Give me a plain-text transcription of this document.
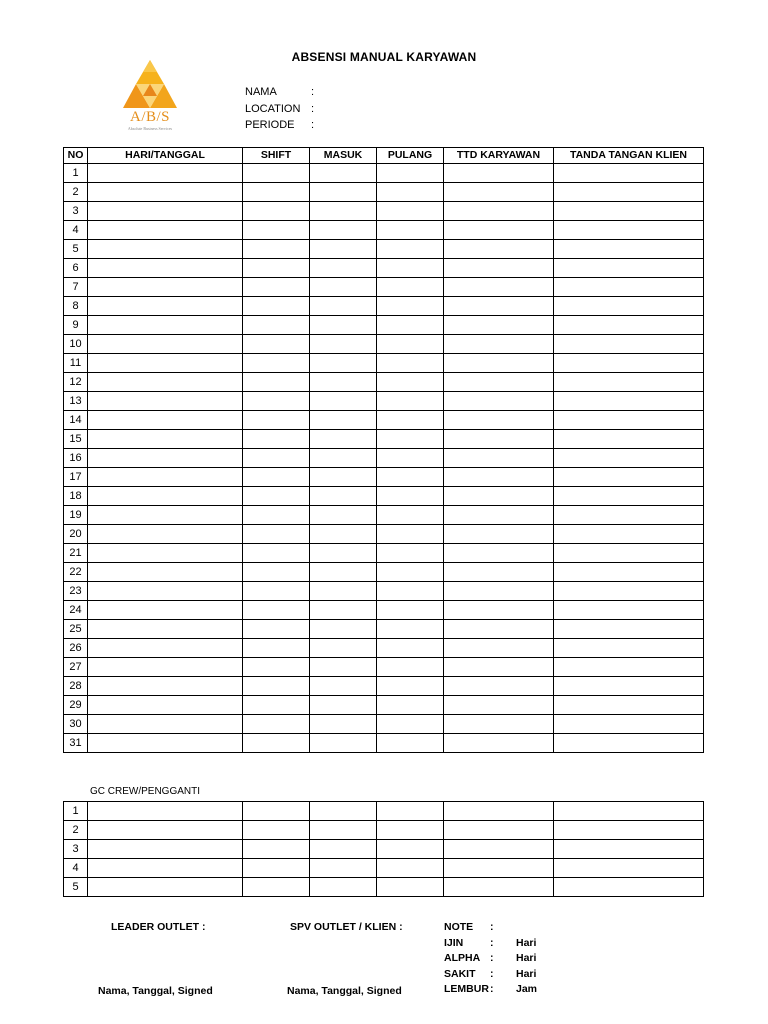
ABSENSI MANUAL KARYAWAN
A/B/S
Absolute Business Services
NAMA	:
LOCATION :
PERIODE :
NO	HARI/TANGGAL	SHIFT	MASUK	PULANG	TTD KARYAWAN	TANDA TANGAN KLIEN
1						
2						
3						
4						
5						
6						
7						
8						
9						
10						
11						
12						
13						
14						
15						
16						
17						
18						
19						
20						
21						
22						
23						
24						
25						
26						
27						
28						
29						
30						
31						
GC CREW/PENGGANTI
1						
2						
3						
4						
5						
LEADER OUTLET :	SPV OUTLET / KLIEN :
Nama, Tanggal, Signed	Nama, Tanggal, Signed
NOTE :
IJIN	: Hari
ALPHA : Hari
SAKIT : Hari
LEMBUR: Jam
